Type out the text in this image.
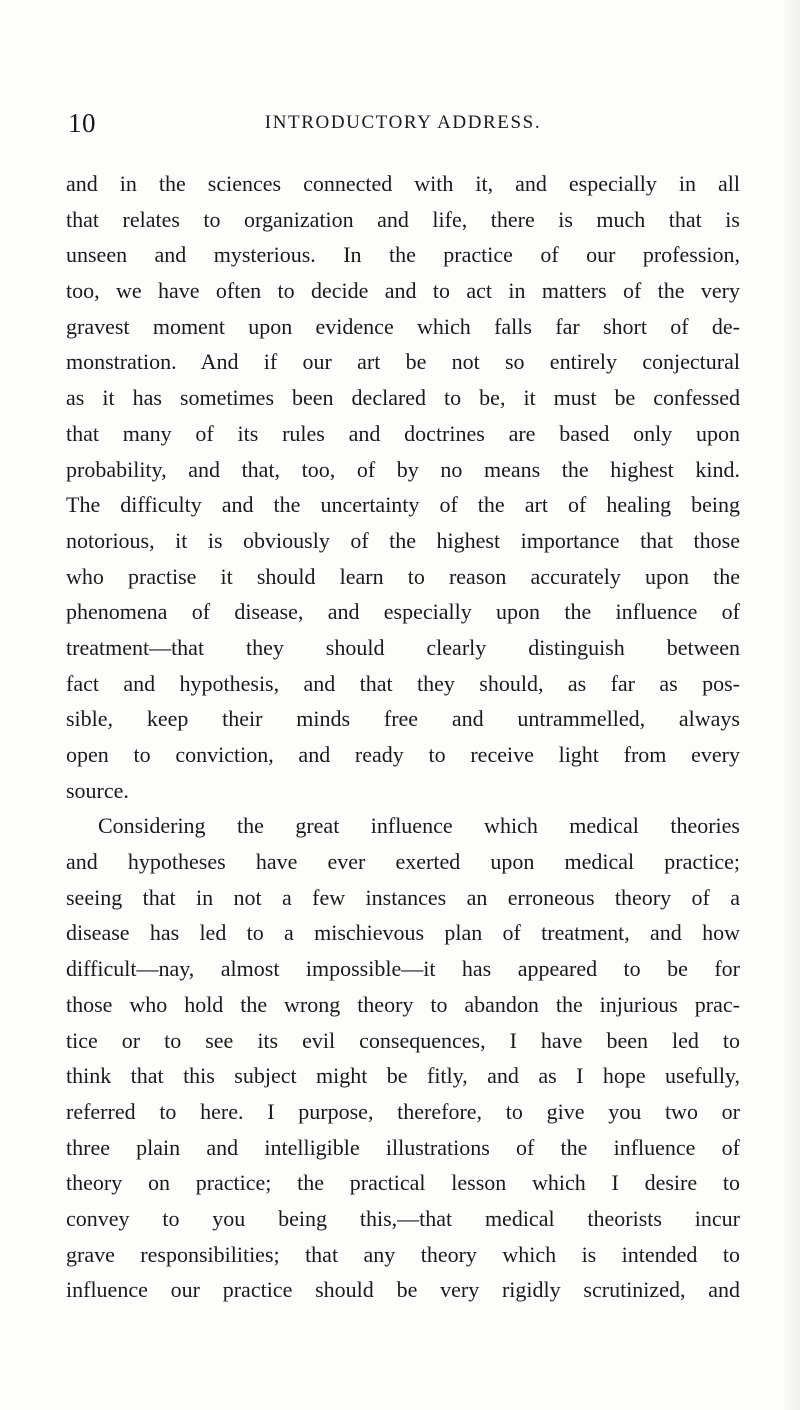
10	INTRODUCTORY ADDRESS.
and in the sciences connected with it, and especially in all
that relates to organization and life, there is much that is
unseen and mysterious. In the practice of our profession,
too, we have often to decide and to act in matters of the very
gravest moment upon evidence which falls far short of de-
monstration. And if our art be not so entirely conjectural
as it has sometimes been declared to be, it must be confessed
that many of its rules and doctrines are based only upon
probability, and that, too, of by no means the highest kind.
The difficulty and the uncertainty of the art of healing being
notorious, it is obviously of the highest importance that those
who practise it should learn to reason accurately upon the
phenomena of disease, and especially upon the influence of
treatment—that they should clearly distinguish between
fact and hypothesis, and that they should, as far as pos-
sible, keep their minds free and untrammelled, always
open to conviction, and ready to receive light from every
source.
Considering the great influence which medical theories
and hypotheses have ever exerted upon medical practice;
seeing that in not a few instances an erroneous theory of a
disease has led to a mischievous plan of treatment, and how
difficult—nay, almost impossible—it has appeared to be for
those who hold the wrong theory to abandon the injurious prac-
tice or to see its evil consequences, I have been led to
think that this subject might be fitly, and as I hope usefully,
referred to here. I purpose, therefore, to give you two or
three plain and intelligible illustrations of the influence of
theory on practice; the practical lesson which I desire to
convey to you being this,—that medical theorists incur
grave responsibilities; that any theory which is intended to
influence our practice should be very rigidly scrutinized, and
